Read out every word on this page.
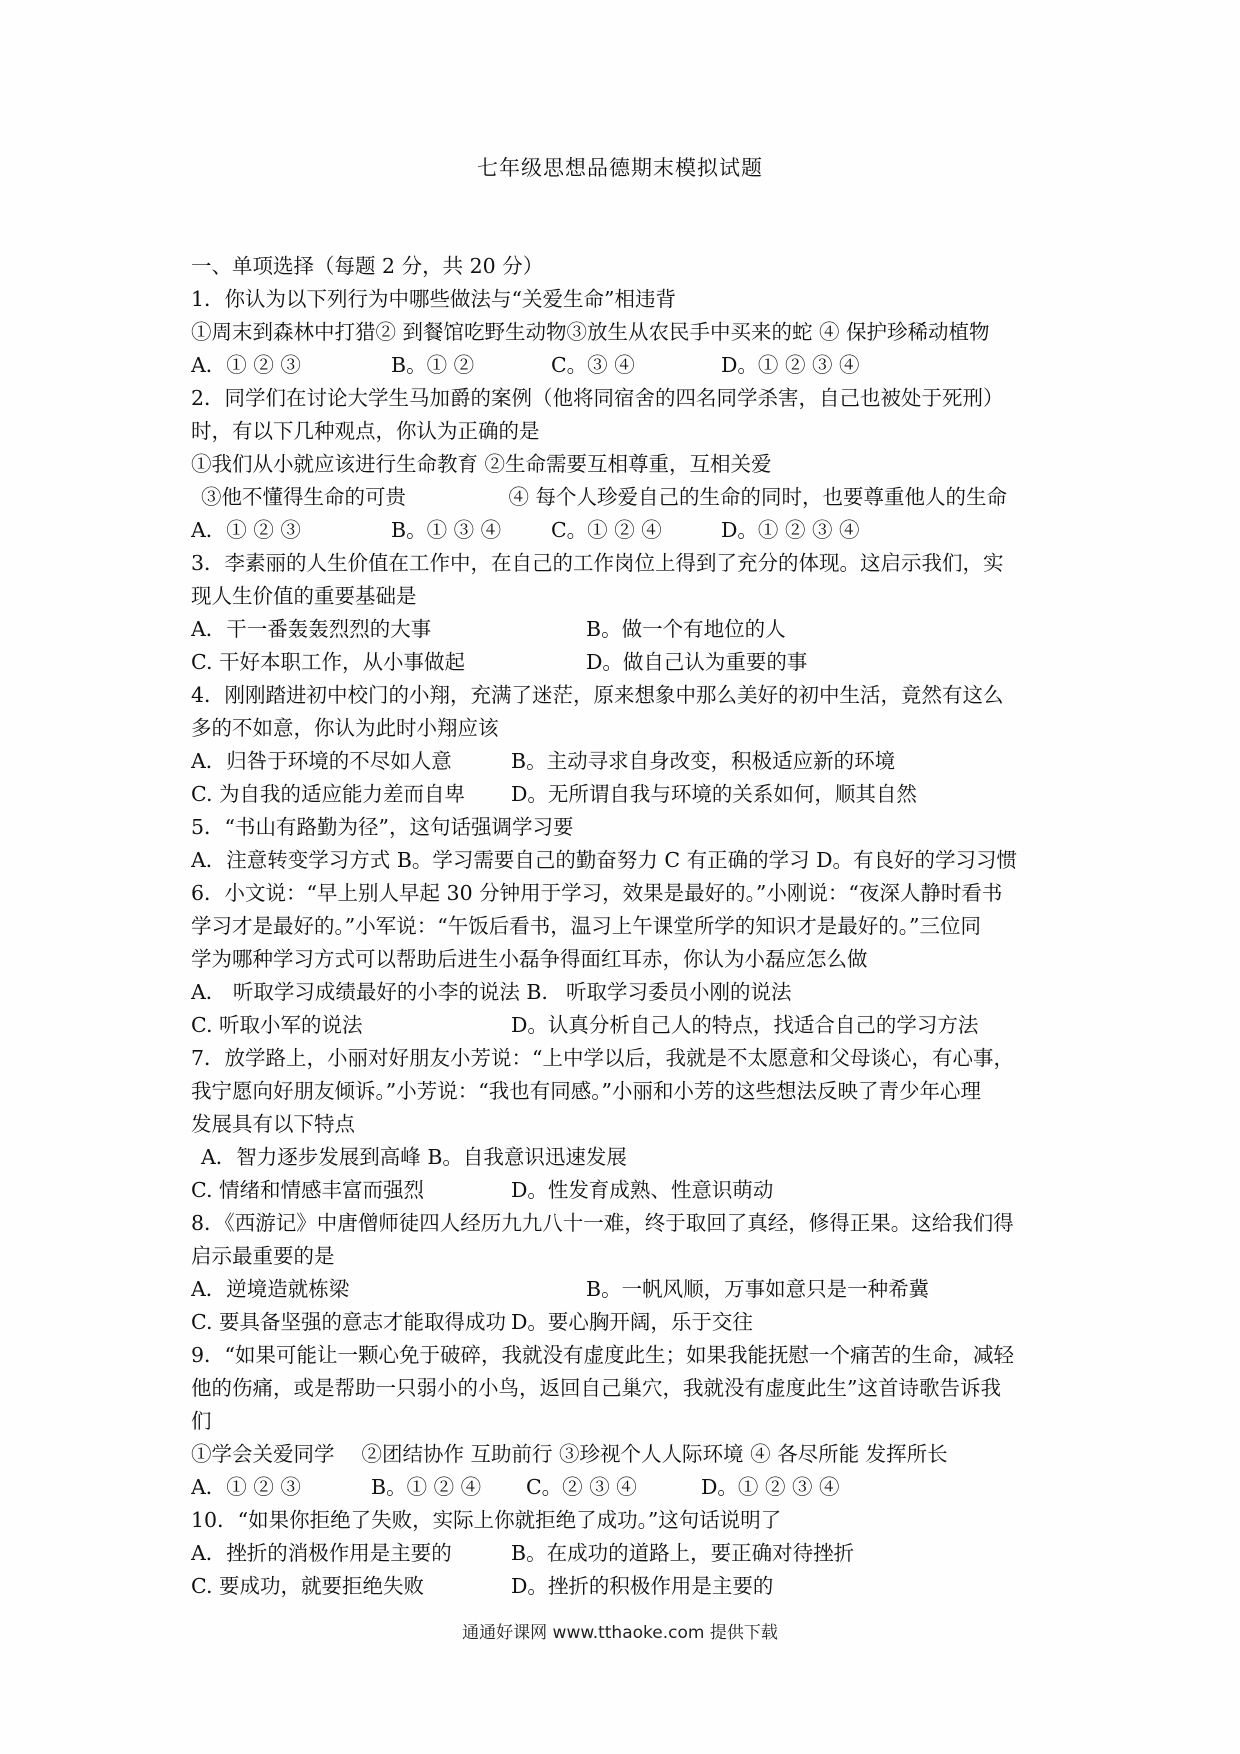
七年级思想品德期末模拟试题
一、单项选择（每题 2 分，共 20 分）
1．你认为以下列行为中哪些做法与“关爱生命”相违背
①周末到森林中打猎② 到餐馆吃野生动物③放生从农民手中买来的蛇 ④ 保护珍稀动植物
A．① ② ③	B。① ②	C。③ ④	D。① ② ③ ④
2．同学们在讨论大学生马加爵的案例（他将同宿舍的四名同学杀害，自己也被处于死刑）
时，有以下几种观点，你认为正确的是
①我们从小就应该进行生命教育 ②生命需要互相尊重，互相关爱
③他不懂得生命的可贵　　　　　④ 每个人珍爱自己的生命的同时，也要尊重他人的生命
A．① ② ③	B。① ③ ④	C。① ② ④	D。① ② ③ ④
3．李素丽的人生价值在工作中，在自己的工作岗位上得到了充分的体现。这启示我们，实
现人生价值的重要基础是
A．干一番轰轰烈烈的大事	B。做一个有地位的人
C. 干好本职工作，从小事做起	D。做自己认为重要的事
4．刚刚踏进初中校门的小翔，充满了迷茫，原来想象中那么美好的初中生活，竟然有这么
多的不如意，你认为此时小翔应该
A．归咎于环境的不尽如人意	B。主动寻求自身改变，积极适应新的环境
C. 为自我的适应能力差而自卑	D。无所谓自我与环境的关系如何，顺其自然
5．“书山有路勤为径”，这句话强调学习要
A．注意转变学习方式 B。学习需要自己的勤奋努力 C 有正确的学习 D。有良好的学习习惯
6．小文说：“早上别人早起 30 分钟用于学习，效果是最好的。”小刚说：“夜深人静时看书
学习才是最好的。”小军说：“午饭后看书，温习上午课堂所学的知识才是最好的。”三位同
学为哪种学习方式可以帮助后进生小磊争得面红耳赤，你认为小磊应怎么做
A． 听取学习成绩最好的小李的说法 B. 听取学习委员小刚的说法
C. 听取小军的说法	D。认真分析自己人的特点，找适合自己的学习方法
7．放学路上，小丽对好朋友小芳说：“上中学以后，我就是不太愿意和父母谈心，有心事，
我宁愿向好朋友倾诉。”小芳说：“我也有同感。”小丽和小芳的这些想法反映了青少年心理
发展具有以下特点
A．智力逐步发展到高峰 B。自我意识迅速发展
C. 情绪和情感丰富而强烈	D。性发育成熟、性意识萌动
8．《西游记》中唐僧师徒四人经历九九八十一难，终于取回了真经，修得正果。这给我们得
启示最重要的是
A．逆境造就栋梁	B。一帆风顺，万事如意只是一种希冀
C. 要具备坚强的意志才能取得成功 D。要心胸开阔，乐于交往
9．“如果可能让一颗心免于破碎，我就没有虚度此生；如果我能抚慰一个痛苦的生命，减轻
他的伤痛，或是帮助一只弱小的小鸟，返回自己巢穴，我就没有虚度此生”这首诗歌告诉我
们
①学会关爱同学　 ②团结协作 互助前行 ③珍视个人人际环境 ④ 各尽所能 发挥所长
A．① ② ③	B。① ② ④	C。② ③ ④	D。① ② ③ ④
10．“如果你拒绝了失败，实际上你就拒绝了成功。”这句话说明了
A．挫折的消极作用是主要的	B。在成功的道路上，要正确对待挫折
C. 要成功，就要拒绝失败	D。挫折的积极作用是主要的
通通好课网 www.tthaoke.com 提供下载
